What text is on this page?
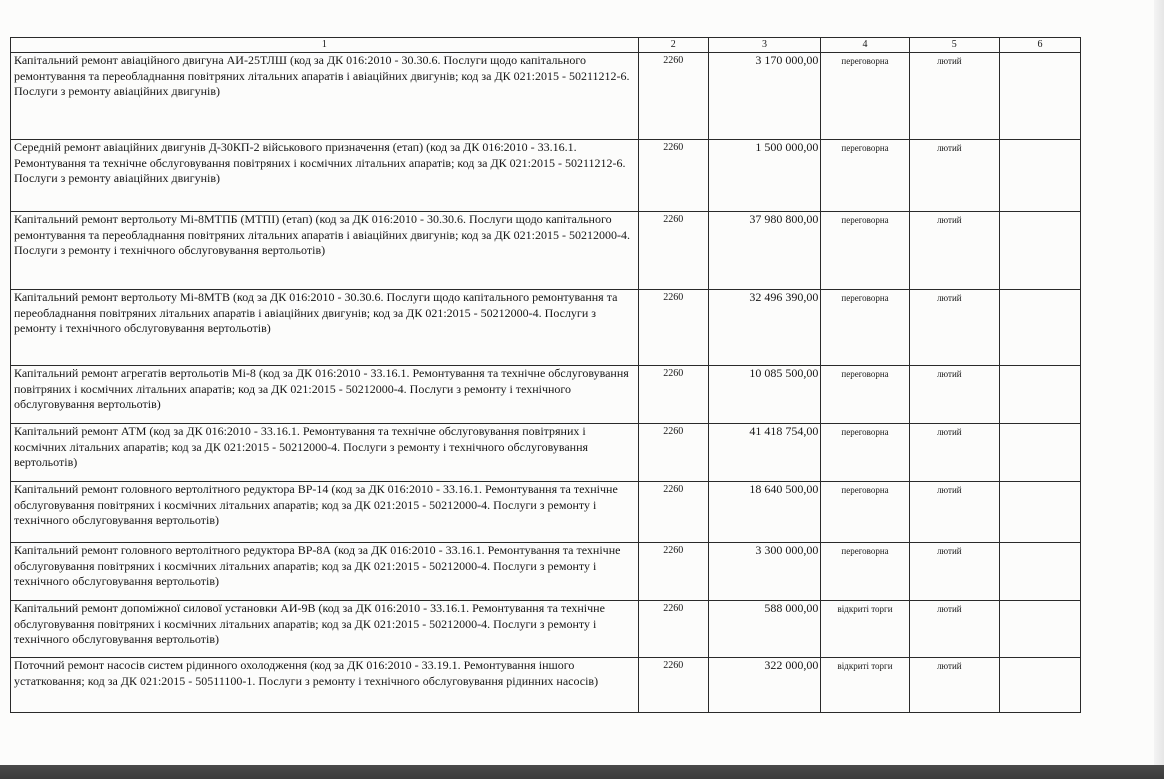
1	2	3	4	5	6
Капітальний ремонт авіаційного двигуна АИ-25ТЛШ (код за ДК 016:2010 - 30.30.6. Послуги щодо капітального ремонтування та переобладнання повітряних літальних апаратів і авіаційних двигунів; код за ДК 021:2015 - 50211212-6. Послуги з ремонту авіаційних двигунів)	2260	3 170 000,00	переговорна	лютий	
Середній ремонт авіаційних двигунів Д-30КП-2 військового призначення (етап) (код за ДК 016:2010 - 33.16.1. Ремонтування та технічне обслуговування повітряних і космічних літальних апаратів; код за ДК 021:2015 - 50211212-6. Послуги з ремонту авіаційних двигунів)	2260	1 500 000,00	переговорна	лютий	
Капітальний ремонт вертольоту Мі-8МТПБ (МТПІ) (етап) (код за ДК 016:2010 - 30.30.6. Послуги щодо капітального ремонтування та переобладнання повітряних літальних апаратів і авіаційних двигунів; код за ДК 021:2015 - 50212000-4. Послуги з ремонту і технічного обслуговування вертольотів)	2260	37 980 800,00	переговорна	лютий	
Капітальний ремонт вертольоту Мі-8МТВ (код за ДК 016:2010 - 30.30.6. Послуги щодо капітального ремонтування та переобладнання повітряних літальних апаратів і авіаційних двигунів; код за ДК 021:2015 - 50212000-4. Послуги з ремонту і технічного обслуговування вертольотів)	2260	32 496 390,00	переговорна	лютий	
Капітальний ремонт агрегатів вертольотів Мі-8 (код за ДК 016:2010 - 33.16.1. Ремонтування та технічне обслуговування повітряних і космічних літальних апаратів; код за ДК 021:2015 - 50212000-4. Послуги з ремонту і технічного обслуговування вертольотів)	2260	10 085 500,00	переговорна	лютий	
Капітальний ремонт АТМ (код за ДК 016:2010 - 33.16.1. Ремонтування та технічне обслуговування повітряних і космічних літальних апаратів; код за ДК 021:2015 - 50212000-4. Послуги з ремонту і технічного обслуговування вертольотів)	2260	41 418 754,00	переговорна	лютий	
Капітальний ремонт головного вертолітного редуктора ВР-14 (код за ДК 016:2010 - 33.16.1. Ремонтування та технічне обслуговування повітряних і космічних літальних апаратів; код за ДК 021:2015 - 50212000-4. Послуги з ремонту і технічного обслуговування вертольотів)	2260	18 640 500,00	переговорна	лютий	
Капітальний ремонт головного вертолітного редуктора ВР-8А (код за ДК 016:2010 - 33.16.1. Ремонтування та технічне обслуговування повітряних і космічних літальних апаратів; код за ДК 021:2015 - 50212000-4. Послуги з ремонту і технічного обслуговування вертольотів)	2260	3 300 000,00	переговорна	лютий	
Капітальний ремонт допоміжної силової установки АИ-9В (код за ДК 016:2010 - 33.16.1. Ремонтування та технічне обслуговування повітряних і космічних літальних апаратів; код за ДК 021:2015 - 50212000-4. Послуги з ремонту і технічного обслуговування вертольотів)	2260	588 000,00	відкриті торги	лютий	
Поточний ремонт насосів систем рідинного охолодження (код за ДК 016:2010 - 33.19.1. Ремонтування іншого устатковання; код за ДК 021:2015 - 50511100-1. Послуги з ремонту і технічного обслуговування рідинних насосів)	2260	322 000,00	відкриті торги	лютий	
